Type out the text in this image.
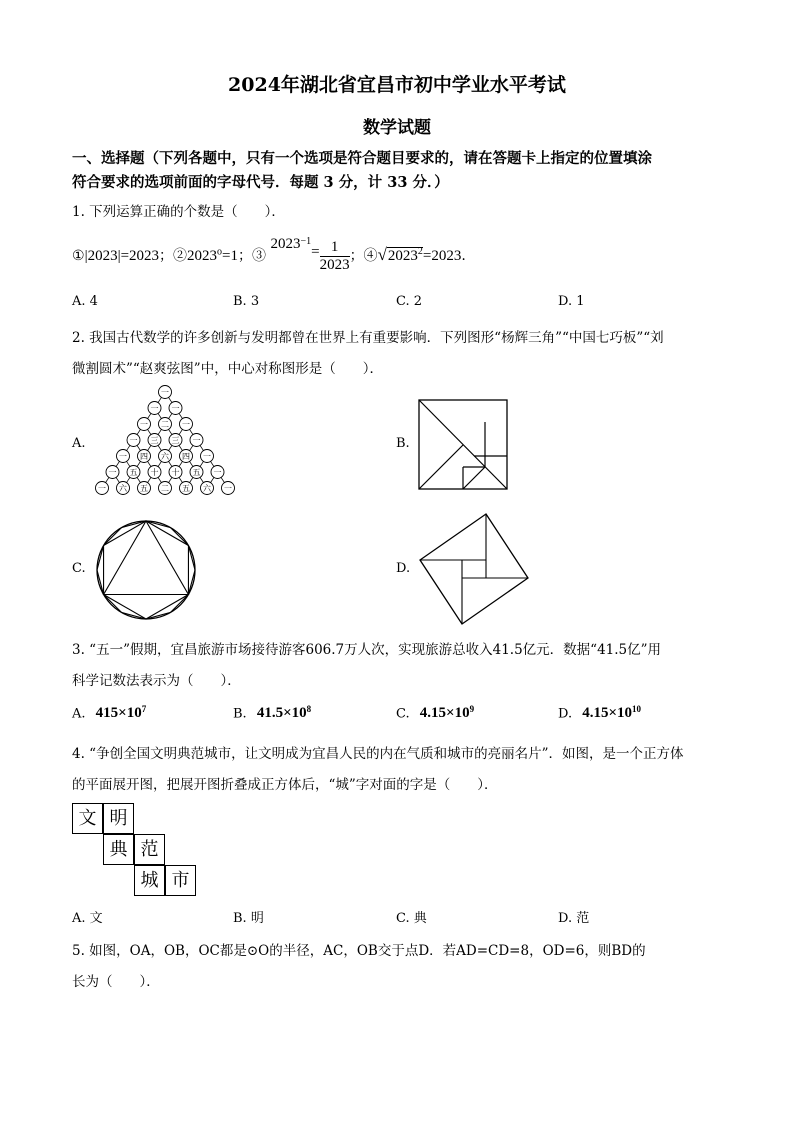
2024年湖北省宜昌市初中学业水平考试
数学试题
一、选择题（下列各题中，只有一个选项是符合题目要求的，请在答题卡上指定的位置填涂
符合要求的选项前面的字母代号．每题 3 分，计 33 分．）
1. 下列运算正确的个数是（　　）．
①|2023|=2023；$②2023^o=1$；③ $2023^{-1}= \frac{1}{2023}$ ；$④√2023^2=2023$.
A. 4	B. 3	C. 2	D. 1
2. 我国古代数学的许多创新与发明都曾在世界上有重要影响．下列图形“杨辉三角”“中国七巧板”“刘
微割圆术”“赵爽弦图”中，中心对称图形是（　　）．
A.
一
一 一
一 二 一
一 三 三 一
一 四 六 四 一
一 五 十 十 五 一
一 六 五 二 五 六 一
B.
C.	D.
3. “五一”假期，宜昌旅游市场接待游客606.7万人次，实现旅游总收入41.5亿元．数据“41.5亿”用
科学记数法表示为（　　）．
A. $415\times 10^7$	B. $41.5\times 10^8$	C. $4.15\times 10^9$	D. $4.15\times 10^{10}$
4. “争创全国文明典范城市，让文明成为宜昌人民的内在气质和城市的亮丽名片”．如图，是一个正方体
的平面展开图，把展开图折叠成正方体后，“城”字对面的字是（　　）．
文 明
典 范
城 市
A. 文	B. 明	C. 典	D. 范
5. 如图，OA，OB，OC都是⊙O的半径，AC，OB交于点D．若AD=CD=8，OD=6，则BD的
长为（　　）．
